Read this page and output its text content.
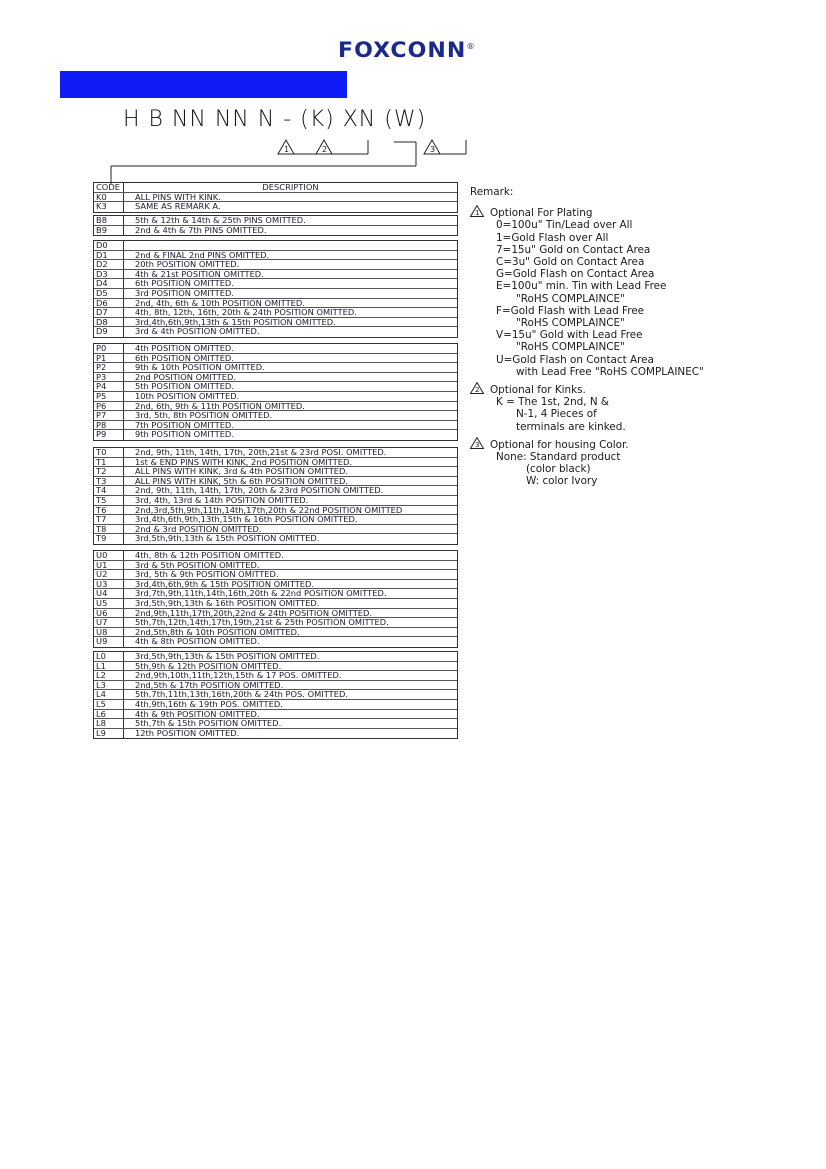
FOXCONN®
H B NN NN N - (K) XN (W)
1	2	3
CODE	DESCRIPTION
K0	ALL PINS WITH KINK.
K3	SAME AS REMARK A.
B8	5th & 12th & 14th & 25th PINS OMITTED.
B9	2nd & 4th & 7th PINS OMITTED.
D0
D1	2nd & FINAL 2nd PINS OMITTED.
D2	20th POSITION OMITTED.
D3	4th & 21st POSITION OMITTED.
D4	6th POSITION OMITTED.
D5	3rd POSITION OMITTED.
D6	2nd, 4th, 6th & 10th POSITION OMITTED.
D7	4th, 8th, 12th, 16th, 20th & 24th POSITION OMITTED.
D8	3rd,4th,6th,9th,13th & 15th POSITION OMITTED.
D9	3rd & 4th POSITION OMITTED.
P0	4th POSITION OMITTED.
P1	6th POSITION OMITTED.
P2	9th & 10th POSITION OMITTED.
P3	2nd POSITION OMITTED.
P4	5th POSITION OMITTED.
P5	10th POSITION OMITTED.
P6	2nd, 6th, 9th & 11th POSITION OMITTED.
P7	3rd, 5th, 8th POSITION OMITTED.
P8	7th POSITION OMITTED.
P9	9th POSITION OMITTED.
T0	2nd, 9th, 11th, 14th, 17th, 20th,21st & 23rd POSI. OMITTED.
T1	1st & END PINS WITH KINK, 2nd POSITION OMITTED.
T2	ALL PINS WITH KINK, 3rd & 4th POSITION OMITTED.
T3	ALL PINS WITH KINK, 5th & 6th POSITION OMITTED.
T4	2nd, 9th, 11th, 14th, 17th, 20th & 23rd POSITION OMITTED.
T5	3rd, 4th, 13rd & 14th POSITION OMITTED.
T6	2nd,3rd,5th,9th,11th,14th,17th,20th & 22nd POSITION OMITTED
T7	3rd,4th,6th,9th,13th,15th & 16th POSITION OMITTED.
T8	2nd & 3rd POSITION OMITTED.
T9	3rd,5th,9th,13th & 15th POSITION OMITTED.
U0	4th, 8th & 12th POSITION OMITTED.
U1	3rd & 5th POSITION OMITTED.
U2	3rd, 5th & 9th POSITION OMITTED.
U3	3rd,4th,6th,9th & 15th POSITION OMITTED.
U4	3rd,7th,9th,11th,14th,16th,20th & 22nd POSITION OMITTED.
U5	3rd,5th,9th,13th & 16th POSITION OMITTED.
U6	2nd,9th,11th,17th,20th,22nd & 24th POSITION OMITTED.
U7	5th,7th,12th,14th,17th,19th,21st & 25th POSITION OMITTED.
U8	2nd,5th,8th & 10th POSITION OMITTED.
U9	4th & 8th POSITION OMITTED.
L0	3rd,5th,9th,13th & 15th POSITION OMITTED.
L1	5th,9th & 12th POSITION OMITTED.
L2	2nd,9th,10th,11th,12th,15th & 17 POS. OMITTED.
L3	2nd,5th & 17th POSITION OMITTED.
L4	5th,7th,11th,13th,16th,20th & 24th POS. OMITTED.
L5	4th,9th,16th & 19th POS. OMITTED.
L6	4th & 9th POSITION OMITTED.
L8	5th,7th & 15th POSITION OMITTED.
L9	12th POSITION OMITTED.
Remark:
1 Optional For Plating
0=100u" Tin/Lead over All
1=Gold Flash over All
7=15u" Gold on Contact Area
C=3u" Gold on Contact Area
G=Gold Flash on Contact Area
E=100u" min. Tin with Lead Free
"RoHS COMPLAINCE"
F=Gold Flash with Lead Free
"RoHS COMPLAINCE"
V=15u" Gold with Lead Free
"RoHS COMPLAINCE"
U=Gold Flash on Contact Area
with Lead Free "RoHS COMPLAINEC"
2 Optional for Kinks.
K = The 1st, 2nd, N &
N-1, 4 Pieces of
terminals are kinked.
3 Optional for housing Color.
None: Standard product
(color black)
W: color Ivory
